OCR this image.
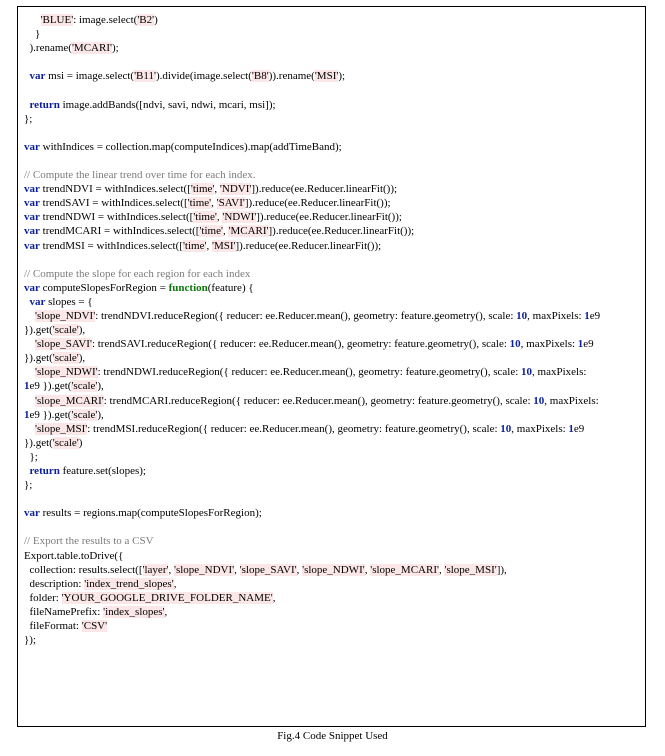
'BLUE': image.select('B2')
}
).rename('MCARI');

var msi = image.select('B11').divide(image.select('B8')).rename('MSI');

return image.addBands([ndvi, savi, ndwi, mcari, msi]);
};

var withIndices = collection.map(computeIndices).map(addTimeBand);

// Compute the linear trend over time for each index.
var trendNDVI = withIndices.select(['time', 'NDVI']).reduce(ee.Reducer.linearFit());
var trendSAVI = withIndices.select(['time', 'SAVI']).reduce(ee.Reducer.linearFit());
var trendNDWI = withIndices.select(['time', 'NDWI']).reduce(ee.Reducer.linearFit());
var trendMCARI = withIndices.select(['time', 'MCARI']).reduce(ee.Reducer.linearFit());
var trendMSI = withIndices.select(['time', 'MSI']).reduce(ee.Reducer.linearFit());

// Compute the slope for each region for each index
var computeSlopesForRegion = function(feature) {
var slopes = {
'slope_NDVI': trendNDVI.reduceRegion({ reducer: ee.Reducer.mean(), geometry: feature.geometry(), scale: 10, maxPixels: 1e9
}).get('scale'),
'slope_SAVI': trendSAVI.reduceRegion({ reducer: ee.Reducer.mean(), geometry: feature.geometry(), scale: 10, maxPixels: 1e9
}).get('scale'),
'slope_NDWI': trendNDWI.reduceRegion({ reducer: ee.Reducer.mean(), geometry: feature.geometry(), scale: 10, maxPixels:
1e9 }).get('scale'),
'slope_MCARI': trendMCARI.reduceRegion({ reducer: ee.Reducer.mean(), geometry: feature.geometry(), scale: 10, maxPixels:
1e9 }).get('scale'),
'slope_MSI': trendMSI.reduceRegion({ reducer: ee.Reducer.mean(), geometry: feature.geometry(), scale: 10, maxPixels: 1e9
}).get('scale')
};
return feature.set(slopes);
};

var results = regions.map(computeSlopesForRegion);

// Export the results to a CSV
Export.table.toDrive({
collection: results.select(['layer', 'slope_NDVI', 'slope_SAVI', 'slope_NDWI', 'slope_MCARI', 'slope_MSI']),
description: 'index_trend_slopes',
folder: 'YOUR_GOOGLE_DRIVE_FOLDER_NAME',
fileNamePrefix: 'index_slopes',
fileFormat: 'CSV'
});
Fig.4 Code Snippet Used
